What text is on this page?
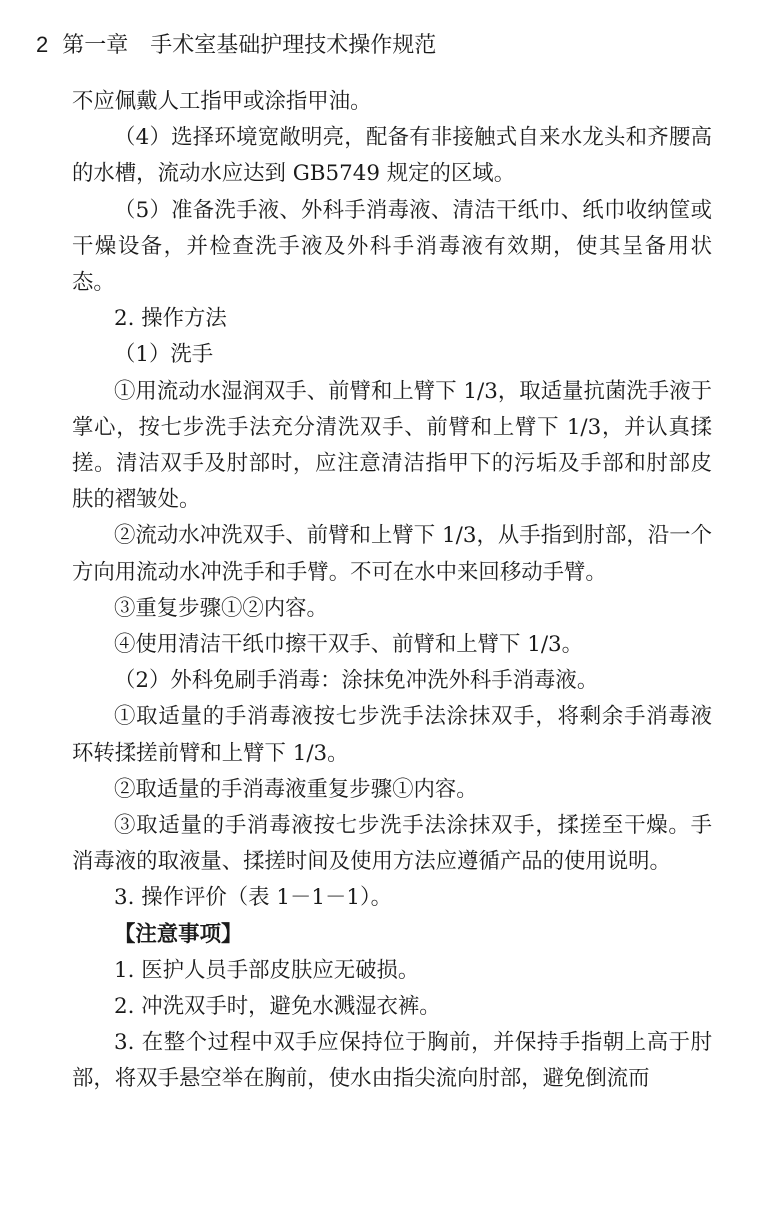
2 第一章　手术室基础护理技术操作规范

不应佩戴人工指甲或涂指甲油。

（4）选择环境宽敞明亮，配备有非接触式自来水龙头和齐腰高的水槽，流动水应达到 GB5749 规定的区域。

（5）准备洗手液、外科手消毒液、清洁干纸巾、纸巾收纳筐或干燥设备，并检查洗手液及外科手消毒液有效期，使其呈备用状态。

2. 操作方法

（1）洗手

①用流动水湿润双手、前臂和上臂下 1/3，取适量抗菌洗手液于掌心，按七步洗手法充分清洗双手、前臂和上臂下 1/3，并认真揉搓。清洁双手及肘部时，应注意清洁指甲下的污垢及手部和肘部皮肤的褶皱处。

②流动水冲洗双手、前臂和上臂下 1/3，从手指到肘部，沿一个方向用流动水冲洗手和手臂。不可在水中来回移动手臂。

③重复步骤①②内容。

④使用清洁干纸巾擦干双手、前臂和上臂下 1/3。

（2）外科免刷手消毒：涂抹免冲洗外科手消毒液。

①取适量的手消毒液按七步洗手法涂抹双手，将剩余手消毒液环转揉搓前臂和上臂下 1/3。

②取适量的手消毒液重复步骤①内容。

③取适量的手消毒液按七步洗手法涂抹双手，揉搓至干燥。手消毒液的取液量、揉搓时间及使用方法应遵循产品的使用说明。

3. 操作评价（表 1－1－1）。

【注意事项】

1. 医护人员手部皮肤应无破损。

2. 冲洗双手时，避免水溅湿衣裤。

3. 在整个过程中双手应保持位于胸前，并保持手指朝上高于肘部，将双手悬空举在胸前，使水由指尖流向肘部，避免倒流而
